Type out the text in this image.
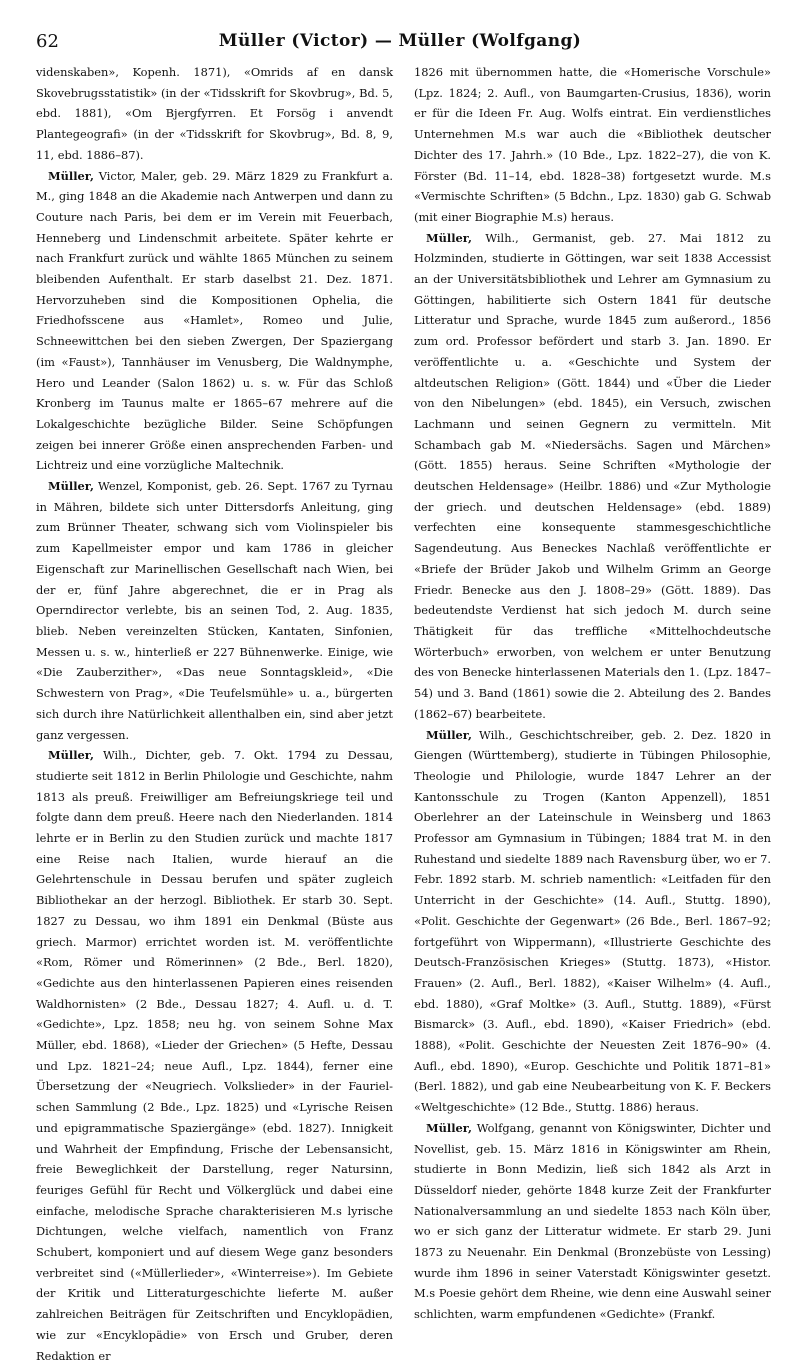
62	Müller (Victor) — Müller (Wolfgang)

videnskaben», Kopenh. 1871), «Omrids af en dansk Skovebrugsstatistik» (in der «Tidsskrift for Skovbrug», Bd. 5, ebd. 1881), «Om Bjergfyrren. Et Forsög i anvendt Plantegeografi» (in der «Tidsskrift for Skovbrug», Bd. 8, 9, 11, ebd. 1886–87).

Müller, Victor, Maler, geb. 29. März 1829 zu Frankfurt a. M., ging 1848 an die Akademie nach Antwerpen und dann zu Couture nach Paris, bei dem er im Verein mit Feuerbach, Henneberg und Lindenschmit arbeitete. Später kehrte er nach Frankfurt zurück und wählte 1865 München zu seinem bleibenden Aufenthalt. Er starb daselbst 21. Dez. 1871. Hervorzuheben sind die Kompositionen Ophelia, die Friedhofsscene aus «Hamlet», Romeo und Julie, Schneewittchen bei den sieben Zwergen, Der Spaziergang (im «Faust»), Tannhäuser im Venusberg, Die Waldnymphe, Hero und Leander (Salon 1862) u. s. w. Für das Schloß Kronberg im Taunus malte er 1865–67 mehrere auf die Lokalgeschichte bezügliche Bilder. Seine Schöpfungen zeigen bei innerer Größe einen ansprechenden Farben- und Lichtreiz und eine vorzügliche Maltechnik.

Müller, Wenzel, Komponist, geb. 26. Sept. 1767 zu Tyrnau in Mähren, bildete sich unter Dittersdorfs Anleitung, ging zum Brünner Theater, schwang sich vom Violinspieler bis zum Kapellmeister empor und kam 1786 in gleicher Eigenschaft zur Marinellischen Gesellschaft nach Wien, bei der er, fünf Jahre abgerechnet, die er in Prag als Operndirector verlebte, bis an seinen Tod, 2. Aug. 1835, blieb. Neben vereinzelten Stücken, Kantaten, Sinfonien, Messen u. s. w., hinterließ er 227 Bühnenwerke. Einige, wie «Die Zauberzither», «Das neue Sonntagskleid», «Die Schwestern von Prag», «Die Teufelsmühle» u. a., bürgerten sich durch ihre Natürlichkeit allenthalben ein, sind aber jetzt ganz vergessen.

Müller, Wilh., Dichter, geb. 7. Okt. 1794 zu Dessau, studierte seit 1812 in Berlin Philologie und Geschichte, nahm 1813 als preuß. Freiwilliger am Befreiungskriege teil und folgte dann dem preuß. Heere nach den Niederlanden. 1814 lehrte er in Berlin zu den Studien zurück und machte 1817 eine Reise nach Italien, wurde hierauf an die Gelehrtenschule in Dessau berufen und später zugleich Bibliothekar an der herzogl. Bibliothek. Er starb 30. Sept. 1827 zu Dessau, wo ihm 1891 ein Denkmal (Büste aus griech. Marmor) errichtet worden ist. M. veröffentlichte «Rom, Römer und Römerinnen» (2 Bde., Berl. 1820), «Gedichte aus den hinterlassenen Papieren eines reisenden Waldhornisten» (2 Bde., Dessau 1827; 4. Aufl. u. d. T. «Gedichte», Lpz. 1858; neu hg. von seinem Sohne Max Müller, ebd. 1868), «Lieder der Griechen» (5 Hefte, Dessau und Lpz. 1821–24; neue Aufl., Lpz. 1844), ferner eine Übersetzung der «Neugriech. Volkslieder» in der Fauriel-schen Sammlung (2 Bde., Lpz. 1825) und «Lyrische Reisen und epigrammatische Spaziergänge» (ebd. 1827). Innigkeit und Wahrheit der Empfindung, Frische der Lebensansicht, freie Beweglichkeit der Darstellung, reger Natursinn, feuriges Gefühl für Recht und Völkerglück und dabei eine einfache, melodische Sprache charakterisieren M.s lyrische Dichtungen, welche vielfach, namentlich von Franz Schubert, komponiert und auf diesem Wege ganz besonders verbreitet sind («Müllerlieder», «Winterreise»). Im Gebiete der Kritik und Litteraturgeschichte lieferte M. außer zahlreichen Beiträgen für Zeitschriften und Encyklopädien, wie zur «Encyklopädie» von Ersch und Gruber, deren Redaktion er

1826 mit übernommen hatte, die «Homerische Vorschule» (Lpz. 1824; 2. Aufl., von Baumgarten-Crusius, 1836), worin er für die Ideen Fr. Aug. Wolfs eintrat. Ein verdienstliches Unternehmen M.s war auch die «Bibliothek deutscher Dichter des 17. Jahrh.» (10 Bde., Lpz. 1822–27), die von K. Förster (Bd. 11–14, ebd. 1828–38) fortgesetzt wurde. M.s «Vermischte Schriften» (5 Bdchn., Lpz. 1830) gab G. Schwab (mit einer Biographie M.s) heraus.

Müller, Wilh., Germanist, geb. 27. Mai 1812 zu Holzminden, studierte in Göttingen, war seit 1838 Accessist an der Universitätsbibliothek und Lehrer am Gymnasium zu Göttingen, habilitierte sich Ostern 1841 für deutsche Litteratur und Sprache, wurde 1845 zum außerord., 1856 zum ord. Professor befördert und starb 3. Jan. 1890. Er veröffentlichte u. a. «Geschichte und System der altdeutschen Religion» (Gött. 1844) und «Über die Lieder von den Nibelungen» (ebd. 1845), ein Versuch, zwischen Lachmann und seinen Gegnern zu vermitteln. Mit Schambach gab M. «Niedersächs. Sagen und Märchen» (Gött. 1855) heraus. Seine Schriften «Mythologie der deutschen Heldensage» (Heilbr. 1886) und «Zur Mythologie der griech. und deutschen Heldensage» (ebd. 1889) verfechten eine konsequente stammesgeschichtliche Sagendeutung. Aus Beneckes Nachlaß veröffentlichte er «Briefe der Brüder Jakob und Wilhelm Grimm an George Friedr. Benecke aus den J. 1808–29» (Gött. 1889). Das bedeutendste Verdienst hat sich jedoch M. durch seine Thätigkeit für das treffliche «Mittelhochdeutsche Wörterbuch» erworben, von welchem er unter Benutzung des von Benecke hinterlassenen Materials den 1. (Lpz. 1847–54) und 3. Band (1861) sowie die 2. Abteilung des 2. Bandes (1862–67) bearbeitete.

Müller, Wilh., Geschichtschreiber, geb. 2. Dez. 1820 in Giengen (Württemberg), studierte in Tübingen Philosophie, Theologie und Philologie, wurde 1847 Lehrer an der Kantonsschule zu Trogen (Kanton Appenzell), 1851 Oberlehrer an der Lateinschule in Weinsberg und 1863 Professor am Gymnasium in Tübingen; 1884 trat M. in den Ruhestand und siedelte 1889 nach Ravensburg über, wo er 7. Febr. 1892 starb. M. schrieb namentlich: «Leitfaden für den Unterricht in der Geschichte» (14. Aufl., Stuttg. 1890), «Polit. Geschichte der Gegenwart» (26 Bde., Berl. 1867–92; fortgeführt von Wippermann), «Illustrierte Geschichte des Deutsch-Französischen Krieges» (Stuttg. 1873), «Histor. Frauen» (2. Aufl., Berl. 1882), «Kaiser Wilhelm» (4. Aufl., ebd. 1880), «Graf Moltke» (3. Aufl., Stuttg. 1889), «Fürst Bismarck» (3. Aufl., ebd. 1890), «Kaiser Friedrich» (ebd. 1888), «Polit. Geschichte der Neuesten Zeit 1876–90» (4. Aufl., ebd. 1890), «Europ. Geschichte und Politik 1871–81» (Berl. 1882), und gab eine Neubearbeitung von K. F. Beckers «Weltgeschichte» (12 Bde., Stuttg. 1886) heraus.

Müller, Wolfgang, genannt von Königswinter, Dichter und Novellist, geb. 15. März 1816 in Königswinter am Rhein, studierte in Bonn Medizin, ließ sich 1842 als Arzt in Düsseldorf nieder, gehörte 1848 kurze Zeit der Frankfurter Nationalversammlung an und siedelte 1853 nach Köln über, wo er sich ganz der Litteratur widmete. Er starb 29. Juni 1873 zu Neuenahr. Ein Denkmal (Bronzebüste von Lessing) wurde ihm 1896 in seiner Vaterstadt Königswinter gesetzt. M.s Poesie gehört dem Rheine, wie denn eine Auswahl seiner schlichten, warm empfundenen «Gedichte» (Frankf.
